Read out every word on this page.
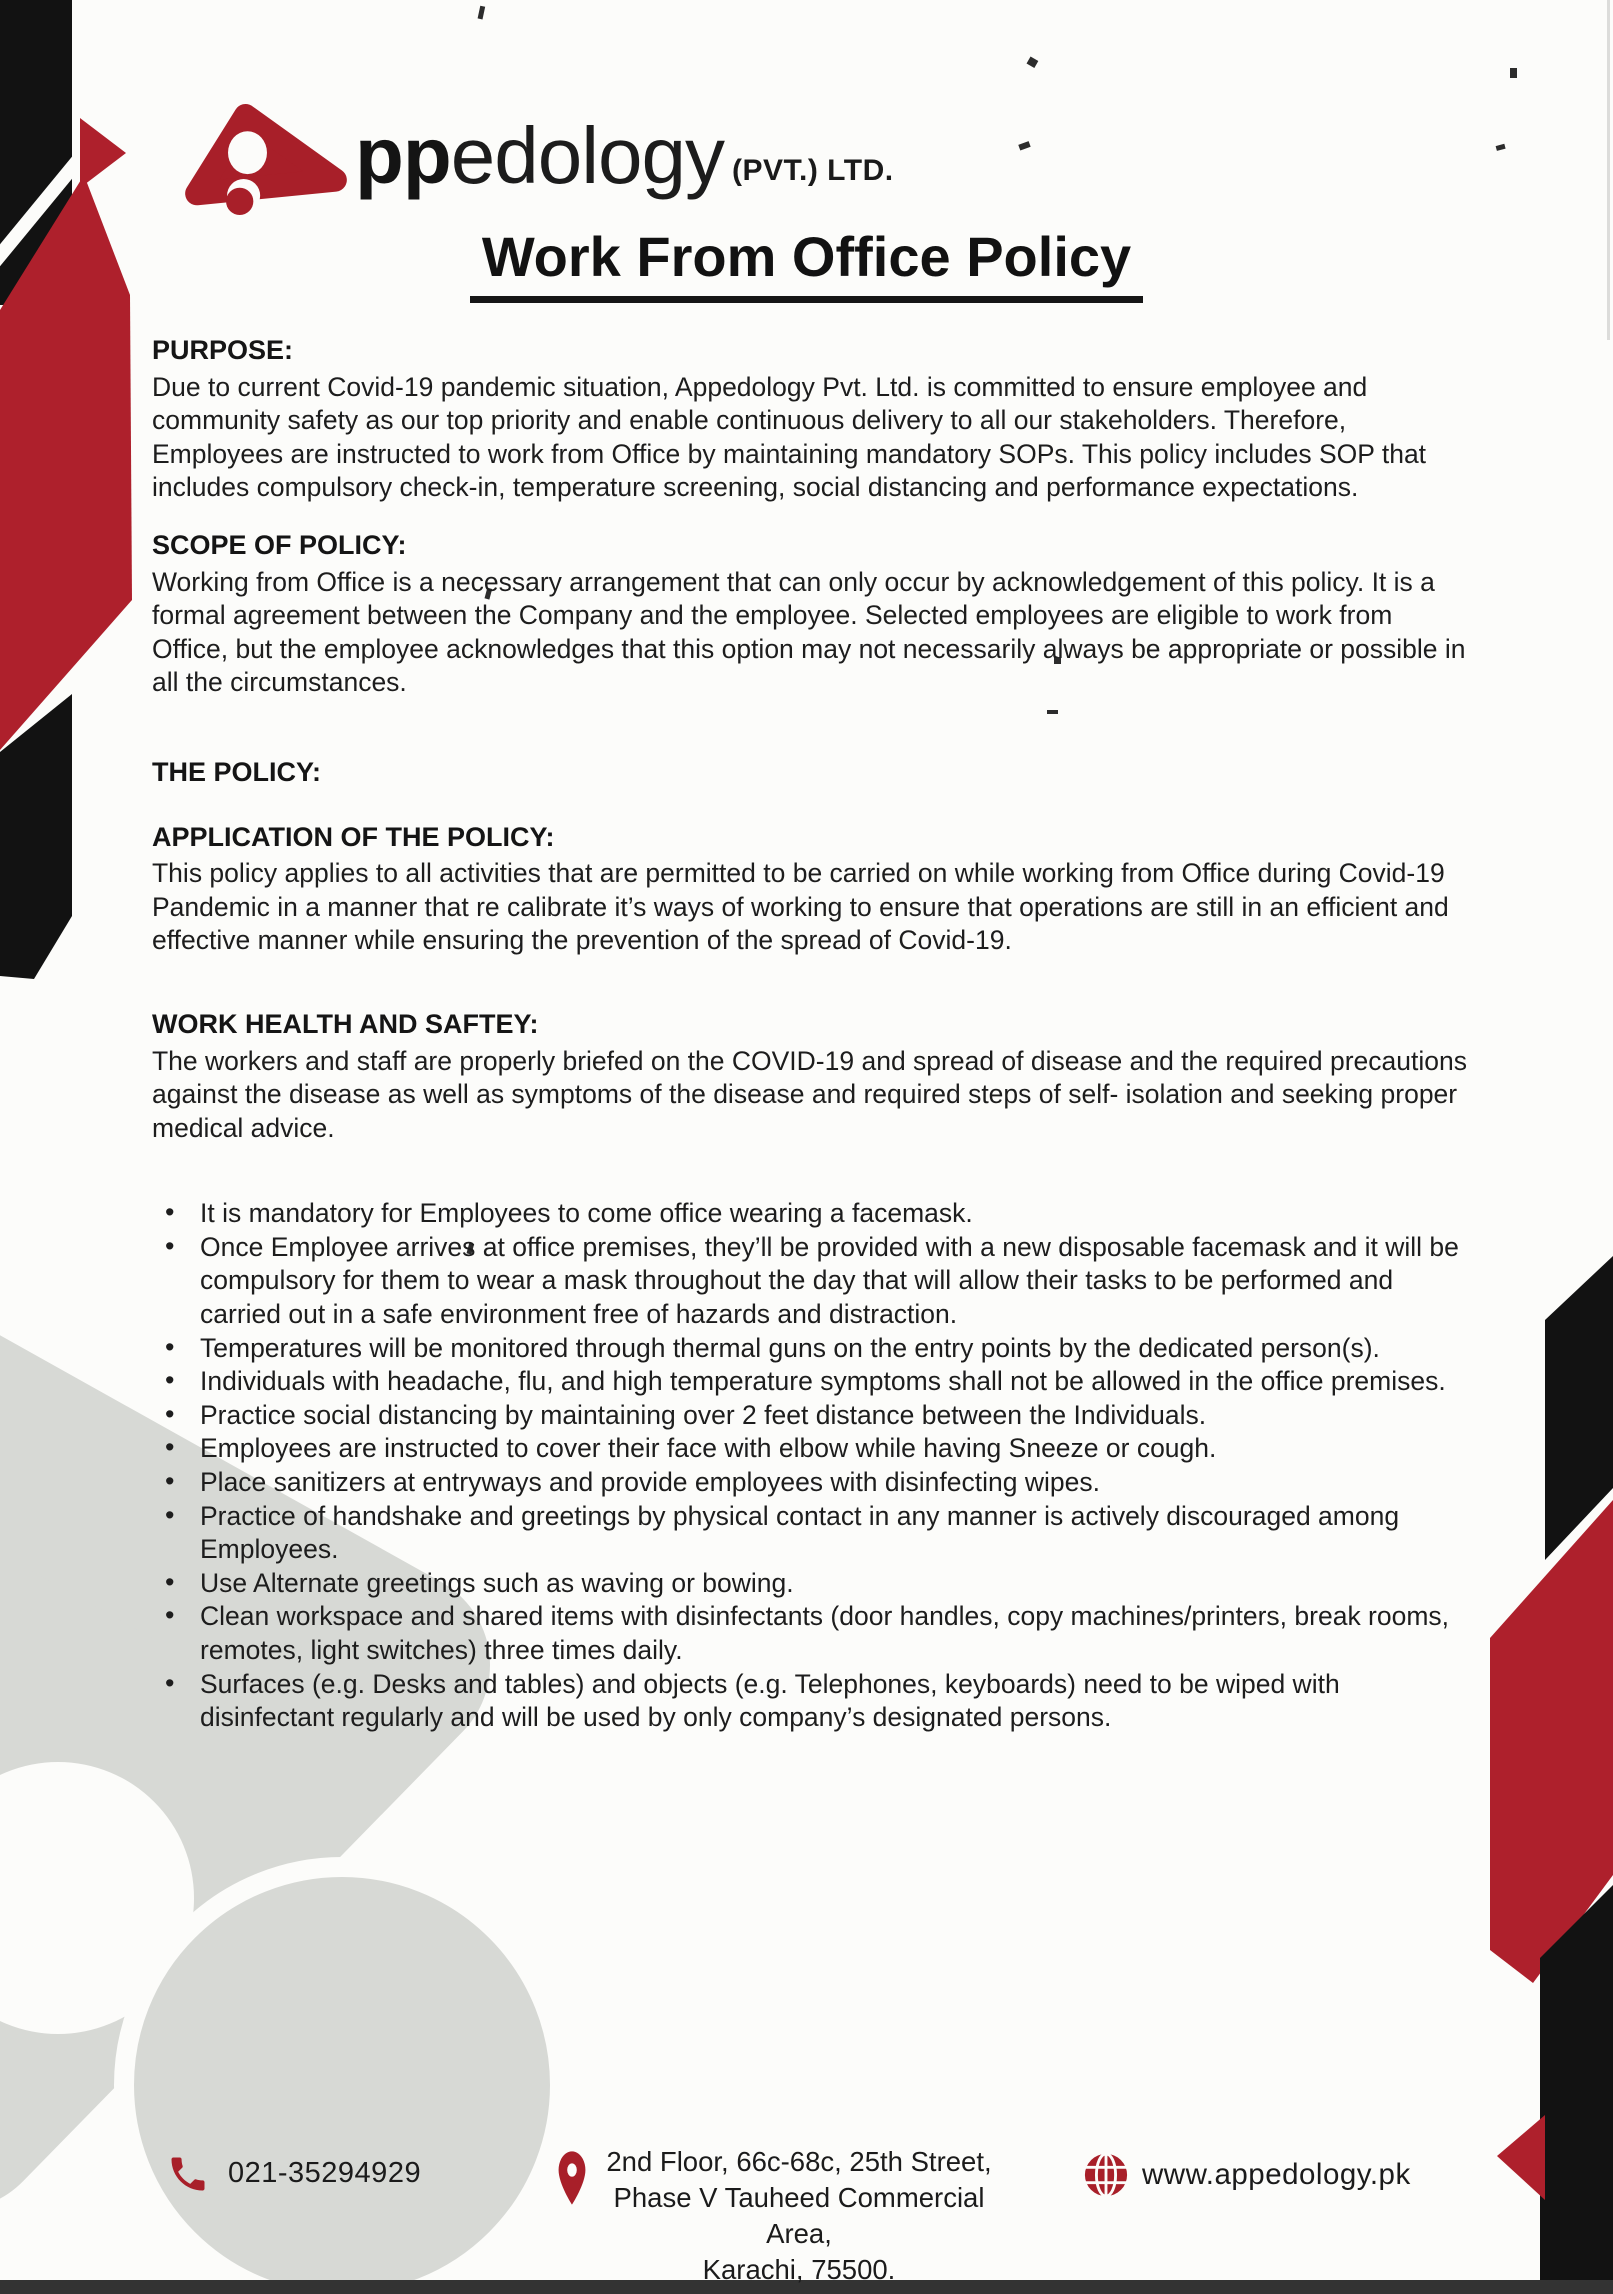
ppedology (PVT.) LTD.
Work From Office Policy

PURPOSE:

Due to current Covid-19 pandemic situation, Appedology Pvt. Ltd. is committed to ensure employee and community safety as our top priority and enable continuous delivery to all our stakeholders. Therefore, Employees are instructed to work from Office by maintaining mandatory SOPs. This policy includes SOP that includes compulsory check-in, temperature screening, social distancing and performance expectations.

SCOPE OF POLICY:

Working from Office is a necessary arrangement that can only occur by acknowledgement of this policy. It is a formal agreement between the Company and the employee. Selected employees are eligible to work from Office, but the employee acknowledges that this option may not necessarily always be appropriate or possible in all the circumstances.

THE POLICY:

APPLICATION OF THE POLICY:

This policy applies to all activities that are permitted to be carried on while working from Office during Covid-19 Pandemic in a manner that re calibrate it’s ways of working to ensure that operations are still in an efficient and effective manner while ensuring the prevention of the spread of Covid-19.

WORK HEALTH AND SAFTEY:

The workers and staff are properly briefed on the COVID-19 and spread of disease and the required precautions against the disease as well as symptoms of the disease and required steps of self- isolation and seeking proper medical advice.

• It is mandatory for Employees to come office wearing a facemask.
• Once Employee arrives at office premises, they’ll be provided with a new disposable facemask and it will be compulsory for them to wear a mask throughout the day that will allow their tasks to be performed and carried out in a safe environment free of hazards and distraction.
• Temperatures will be monitored through thermal guns on the entry points by the dedicated person(s).
• Individuals with headache, flu, and high temperature symptoms shall not be allowed in the office premises.
• Practice social distancing by maintaining over 2 feet distance between the Individuals.
• Employees are instructed to cover their face with elbow while having Sneeze or cough.
• Place sanitizers at entryways and provide employees with disinfecting wipes.
• Practice of handshake and greetings by physical contact in any manner is actively discouraged among Employees.
• Use Alternate greetings such as waving or bowing.
• Clean workspace and shared items with disinfectants (door handles, copy machines/printers, break rooms, remotes, light switches) three times daily.
• Surfaces (e.g. Desks and tables) and objects (e.g. Telephones, keyboards) need to be wiped with disinfectant regularly and will be used by only company’s designated persons.
021-35294929	2nd Floor, 66c-68c, 25th Street,
Phase V Tauheed Commercial Area,
Karachi, 75500.
www.appedology.pk
